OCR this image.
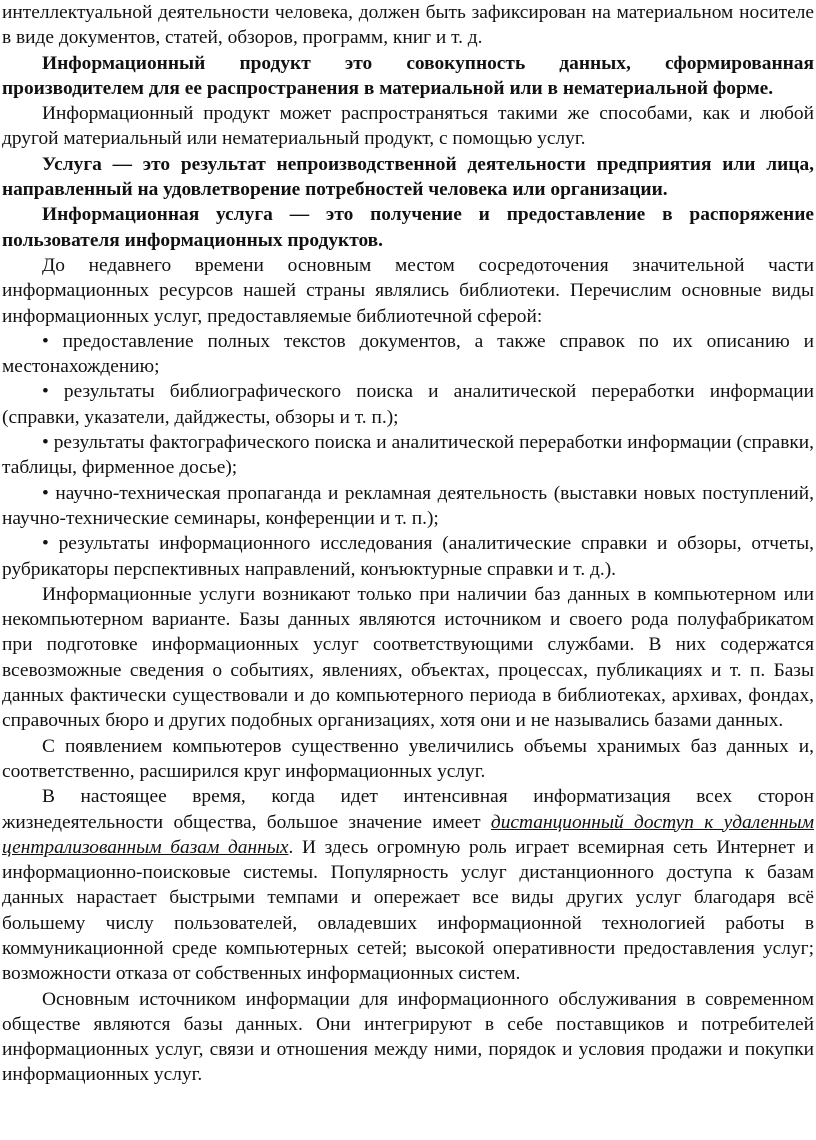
интеллектуальной деятельности человека, должен быть зафиксирован на материальном носителе в виде документов, статей, обзоров, программ, книг и т. д.

Информационный продукт это совокупность данных, сформированная производителем для ее распространения в материальной или в нематериальной форме.

Информационный продукт может распространяться такими же способами, как и любой другой материальный или нематериальный продукт, с помощью услуг.

Услуга — это результат непроизводственной деятельности предприятия или лица, направленный на удовлетворение потребностей человека или организации.

Информационная услуга — это получение и предоставление в распоряжение пользователя информационных продуктов.

До недавнего времени основным местом сосредоточения значительной части информационных ресурсов нашей страны являлись библиотеки. Перечислим основные виды информационных услуг, предоставляемые библиотечной сферой:

• предоставление полных текстов документов, а также справок по их описанию и местонахождению;

• результаты библиографического поиска и аналитической переработки информации (справки, указатели, дайджесты, обзоры и т. п.);

• результаты фактографического поиска и аналитической переработки информации (справки, таблицы, фирменное досье);

• научно-техническая пропаганда и рекламная деятельность (выставки новых поступлений, научно-технические семинары, конференции и т. п.);

• результаты информационного исследования (аналитические справки и обзоры, отчеты, рубрикаторы перспективных направлений, конъюктурные справки и т. д.).

Информационные услуги возникают только при наличии баз данных в компьютерном или некомпьютерном варианте. Базы данных являются источником и своего рода полуфабрикатом при подготовке информационных услуг соответствующими службами. В них содержатся всевозможные сведения о событиях, явлениях, объектах, процессах, публикациях и т. п. Базы данных фактически существовали и до компьютерного периода в библиотеках, архивах, фондах, справочных бюро и других подобных организациях, хотя они и не назывались базами данных.

С появлением компьютеров существенно увеличились объемы хранимых баз данных и, соответственно, расширился круг информационных услуг.

В настоящее время, когда идет интенсивная информатизация всех сторон жизнедеятельности общества, большое значение имеет дистанционный доступ к удаленным централизованным базам данных. И здесь огромную роль играет всемирная сеть Интернет и информационно-поисковые системы. Популярность услуг дистанционного доступа к базам данных нарастает быстрыми темпами и опережает все виды других услуг благодаря всё большему числу пользователей, овладевших информационной технологией работы в коммуникационной среде компьютерных сетей; высокой оперативности предоставления услуг; возможности отказа от собственных информационных систем.

Основным источником информации для информационного обслуживания в современном обществе являются базы данных. Они интегрируют в себе поставщиков и потребителей информационных услуг, связи и отношения между ними, порядок и условия продажи и покупки информационных услуг.
